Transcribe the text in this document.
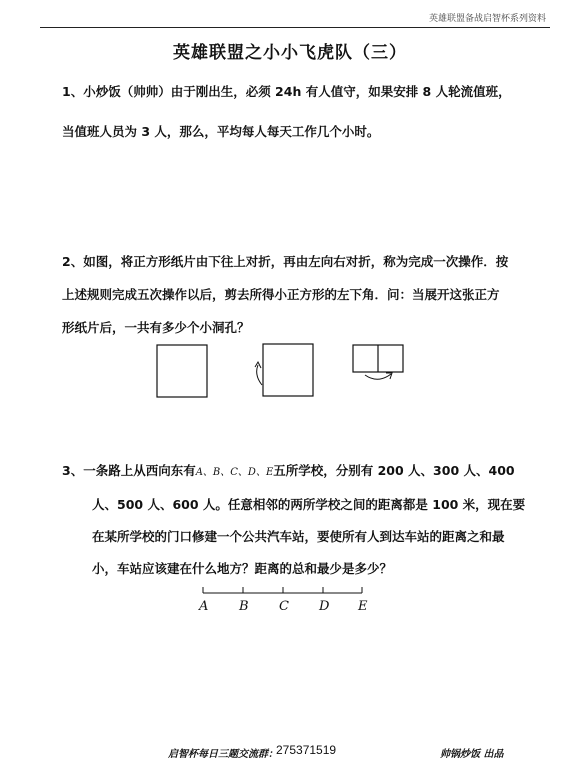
英雄联盟备战启智杯系列资料
英雄联盟之小小飞虎队（三）

1、小炒饭（帅帅）由于刚出生，必须 24h 有人值守，如果安排 8 人轮流值班，

当值班人员为 3 人，那么，平均每人每天工作几个小时。

2、如图，将正方形纸片由下往上对折，再由左向右对折，称为完成一次操作．按

上述规则完成五次操作以后，剪去所得小正方形的左下角．问：当展开这张正方

形纸片后，一共有多少个小洞孔？

3、一条路上从西向东有A、B、C、D、E五所学校，分别有 200 人、300 人、400

人、500 人、600 人。任意相邻的两所学校之间的距离都是 100 米，现在要

在某所学校的门口修建一个公共汽车站，要使所有人到达车站的距离之和最

小，车站应该建在什么地方？距离的总和最少是多少？

A B C D E
启智杯每日三题交流群：
275371519	帅锅炒饭 出品
